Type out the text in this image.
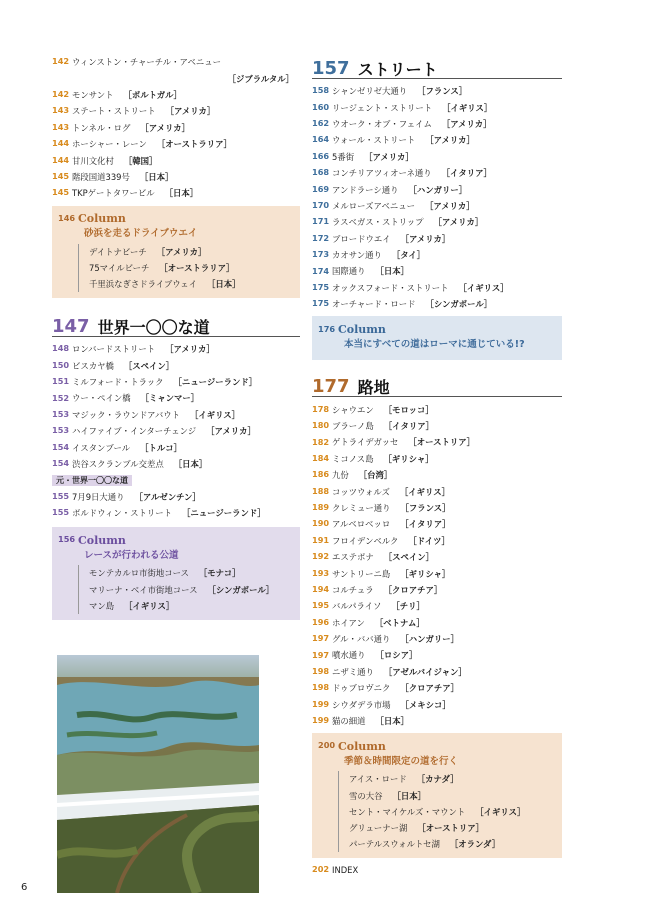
142 ウィンストン・チャーチル・アベニュー
［ジブラルタル］
142 モンサント ［ポルトガル］
143 ステート・ストリート ［アメリカ］
143 トンネル・ログ ［アメリカ］
144 ホーシャー・レーン ［オーストラリア］
144 甘川文化村 ［韓国］
145 階段国道339号 ［日本］
145 TKPゲートタワービル ［日本］
146 Column
砂浜を走るドライブウエイ
デイトナビーチ ［アメリカ］
75マイルビーチ ［オーストラリア］
千里浜なぎさドライブウェイ ［日本］
147 世界一〇〇な道
148 ロンバードストリート ［アメリカ］
150 ビスカヤ橋 ［スペイン］
151 ミルフォード・トラック ［ニュージーランド］
152 ウー・ペイン橋 ［ミャンマー］
153 マジック・ラウンドアバウト ［イギリス］
153 ハイファイブ・インターチェンジ ［アメリカ］
154 イスタンブール ［トルコ］
154 渋谷スクランブル交差点 ［日本］
元・世界一〇〇な道
155 7月9日大通り ［アルゼンチン］
155 ボルドウィン・ストリート ［ニュージーランド］
156 Column
レースが行われる公道
モンテカルロ市街地コース ［モナコ］
マリーナ・ベイ市街地コース ［シンガポール］
マン島 ［イギリス］
6
157 ストリート
158 シャンゼリゼ大通り ［フランス］
160 リージェント・ストリート ［イギリス］
162 ウオーク・オブ・フェイム ［アメリカ］
164 ウォール・ストリート ［アメリカ］
166 5番街 ［アメリカ］
168 コンチリアツィオーネ通り ［イタリア］
169 アンドラーシ通り ［ハンガリー］
170 メルローズアベニュー ［アメリカ］
171 ラスベガス・ストリップ ［アメリカ］
172 ブロードウエイ ［アメリカ］
173 カオサン通り ［タイ］
174 国際通り ［日本］
175 オックスフォード・ストリート ［イギリス］
175 オーチャード・ロード ［シンガポール］
176 Column
本当にすべての道はローマに通じている!?
177 路地
178 シャウエン ［モロッコ］
180 ブラーノ島 ［イタリア］
182 ゲトライデガッセ ［オーストリア］
184 ミコノス島 ［ギリシャ］
186 九份 ［台湾］
188 コッツウォルズ ［イギリス］
189 クレミュー通り ［フランス］
190 アルベロベッロ ［イタリア］
191 フロイデンベルク ［ドイツ］
192 エステポナ ［スペイン］
193 サントリーニ島 ［ギリシャ］
194 コルチュラ ［クロアチア］
195 バルパライソ ［チリ］
196 ホイアン ［ベトナム］
197 グル・ババ通り ［ハンガリー］
197 噴水通り ［ロシア］
198 ニザミ通り ［アゼルバイジャン］
198 ドゥブロヴニク ［クロアチア］
199 シウダデラ市場 ［メキシコ］
199 猫の細道 ［日本］
200 Column
季節＆時間限定の道を行く
アイス・ロード ［カナダ］
雪の大谷 ［日本］
セント・マイケルズ・マウント ［イギリス］
グリューナー湖 ［オーストリア］
パーテルスウォルトセ湖 ［オランダ］
202 INDEX
